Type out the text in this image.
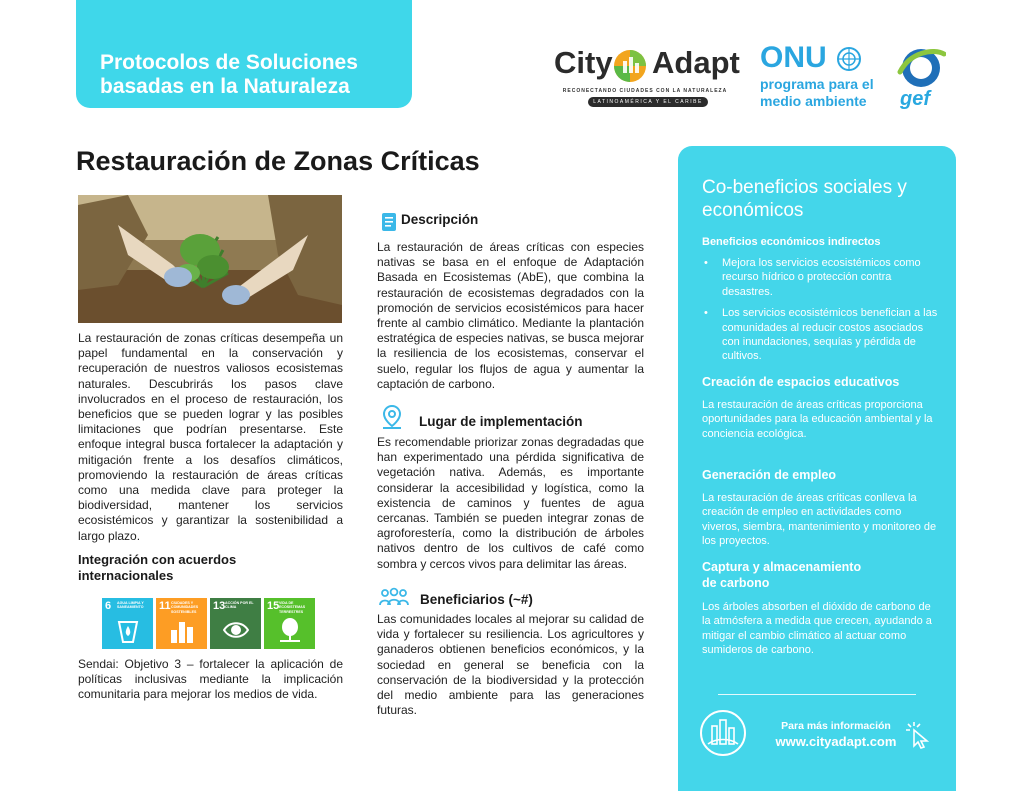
Protocolos de Soluciones
basadas en la Naturaleza
City Adapt
RECONECTANDO CIUDADES CON LA NATURALEZA
LATINOAMÉRICA Y EL CARIBE
ONU
programa para el
medio ambiente gef
Restauración de Zonas Críticas

La restauración de zonas críticas desempeña un papel fundamental en la conservación y recuperación de nuestros valiosos ecosistemas naturales. Descubrirás los pasos clave involucrados en el proceso de restauración, los beneficios que se pueden lograr y las posibles limitaciones que podrían presentarse. Este enfoque integral busca fortalecer la adaptación y mitigación frente a los desafíos climáticos, promoviendo la restauración de áreas críticas como una medida clave para proteger la biodiversidad, mantener los servicios ecosistémicos y garantizar la sostenibilidad a largo plazo.

Integración con acuerdos internacionales
6 AGUA LIMPIA Y SANEAMIENTO	11 CIUDADES Y COMUNIDADES SOSTENIBLES	13 ACCIÓN POR EL CLIMA	15 VIDA DE ECOSISTEMAS TERRESTRES

Sendai: Objetivo 3 – fortalecer la aplicación de políticas inclusivas mediante la implicación comunitaria para mejorar los medios de vida.

Descripción

La restauración de áreas críticas con especies nativas se basa en el enfoque de Adaptación Basada en Ecosistemas (AbE), que combina la restauración de ecosistemas degradados con la promoción de servicios ecosistémicos para hacer frente al cambio climático. Mediante la plantación estratégica de especies nativas, se busca mejorar la resiliencia de los ecosistemas, conservar el suelo, regular los flujos de agua y aumentar la captación de carbono.

Lugar de implementación

Es recomendable priorizar zonas degradadas que han experimentado una pérdida significativa de vegetación nativa. Además, es importante considerar la accesibilidad y logística, como la existencia de caminos y fuentes de agua cercanas. También se pueden integrar zonas de agroforestería, como la distribución de árboles nativos dentro de los cultivos de café como sombra y cercos vivos para delimitar las áreas.

Beneficiarios (~#)

Las comunidades locales al mejorar su calidad de vida y fortalecer su resiliencia. Los agricultores y ganaderos obtienen beneficios económicos, y la sociedad en general se beneficia con la conservación de la biodiversidad y la protección del medio ambiente para las generaciones futuras.

Co-beneficios sociales y económicos
Beneficios económicos indirectos
• Mejora los servicios ecosistémicos como recurso hídrico o protección contra desastres.
• Los servicios ecosistémicos benefician a las comunidades al reducir costos asociados con inundaciones, sequías y pérdida de cultivos.
Creación de espacios educativos

La restauración de áreas críticas proporciona oportunidades para la educación ambiental y la conciencia ecológica.

Generación de empleo

La restauración de áreas críticas conlleva la creación de empleo en actividades como viveros, siembra, mantenimiento y monitoreo de los proyectos.

Captura y almacenamiento
de carbono

Los árboles absorben el dióxido de carbono de la atmósfera a medida que crecen, ayudando a mitigar el cambio climático al actuar como sumideros de carbono.

Para más información
www.cityadapt.com
